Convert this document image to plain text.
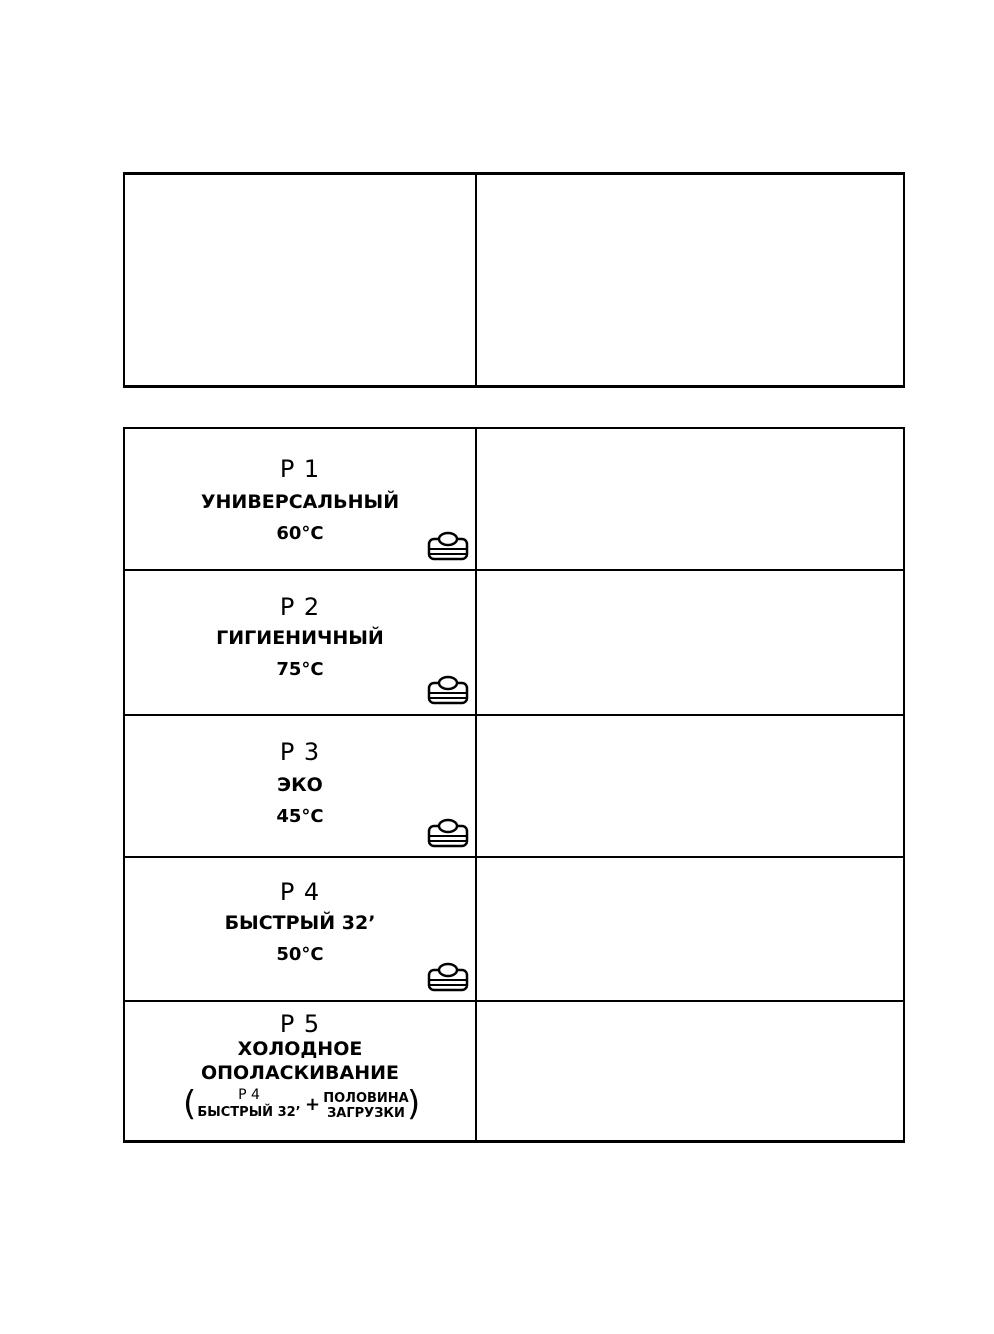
P 1
УНИВЕРСАЛЬНЫЙ
60°C
P 2
ГИГИЕНИЧНЫЙ
75°C
P 3
ЭКО
45°C
P 4
БЫСТРЫЙ 32’
50°C
P 5
ХОЛОДНОЕ
ОПОЛАСКИВАНИЕ
(	P 4
БЫСТРЫЙ 32’ + ПОЛОВИНА
ЗАГРУЗКИ )
